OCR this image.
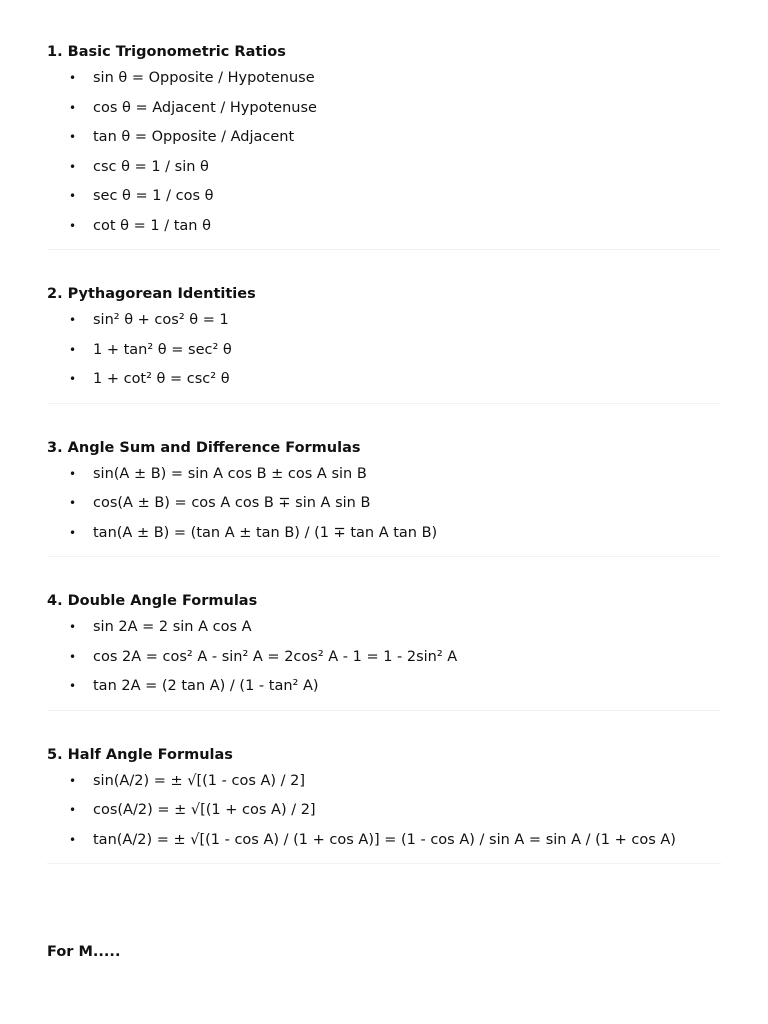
1. Basic Trigonometric Ratios
• sin θ = Opposite / Hypotenuse
• cos θ = Adjacent / Hypotenuse
• tan θ = Opposite / Adjacent
• csc θ = 1 / sin θ
• sec θ = 1 / cos θ
• cot θ = 1 / tan θ
2. Pythagorean Identities
• sin² θ + cos² θ = 1
• 1 + tan² θ = sec² θ
• 1 + cot² θ = csc² θ
3. Angle Sum and Difference Formulas
• sin(A ± B) = sin A cos B ± cos A sin B
• cos(A ± B) = cos A cos B ∓ sin A sin B
• tan(A ± B) = (tan A ± tan B) / (1 ∓ tan A tan B)
4. Double Angle Formulas
• sin 2A = 2 sin A cos A
• cos 2A = cos² A - sin² A = 2cos² A - 1 = 1 - 2sin² A
• tan 2A = (2 tan A) / (1 - tan² A)
5. Half Angle Formulas
• sin(A/2) = ± √[(1 - cos A) / 2]
• cos(A/2) = ± √[(1 + cos A) / 2]
• tan(A/2) = ± √[(1 - cos A) / (1 + cos A)] = (1 - cos A) / sin A = sin A / (1 + cos A)
For M.....
